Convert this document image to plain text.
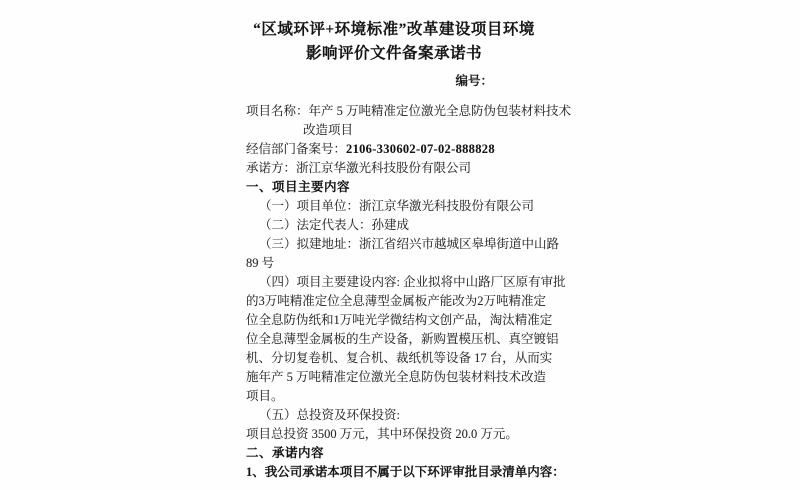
“区域环评+环境标准”改革建设项目环境
影响评价文件备案承诺书
编号：
项目名称：年产 5 万吨精准定位激光全息防伪包装材料技术
改造项目
经信部门备案号：2106-330602-07-02-888828
承诺方：浙江京华激光科技股份有限公司
一、项目主要内容
（一）项目单位：浙江京华激光科技股份有限公司
（二）法定代表人：孙建成
（三）拟建地址：浙江省绍兴市越城区皋埠街道中山路
89 号
（四）项目主要建设内容: 企业拟将中山路厂区原有审批
的3万吨精准定位全息薄型金属板产能改为2万吨精准定
位全息防伪纸和1万吨光学微结构文创产品，淘汰精准定
位全息薄型金属板的生产设备，新购置模压机、真空镀铝
机、分切复卷机、复合机、裁纸机等设备 17 台，从而实
施年产 5 万吨精准定位激光全息防伪包装材料技术改造
项目。
（五）总投资及环保投资:
项目总投资 3500 万元，其中环保投资 20.0 万元。
二、承诺内容
1、我公司承诺本项目不属于以下环评审批目录清单内容：
